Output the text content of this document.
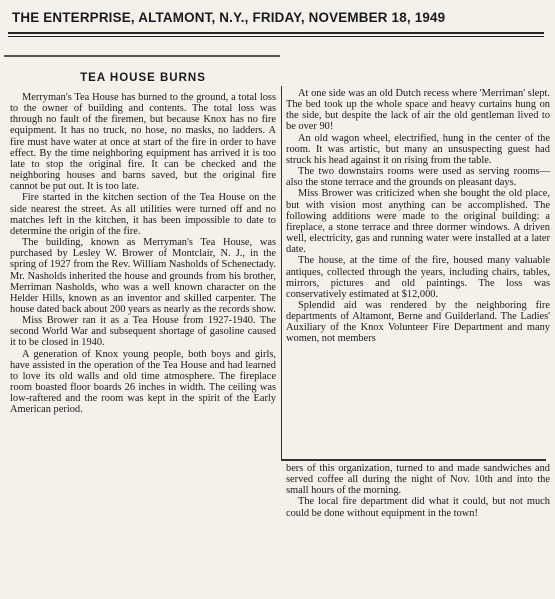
THE ENTERPRISE, ALTAMONT, N.Y., FRIDAY, NOVEMBER 18, 1949
TEA HOUSE BURNS

Merryman's Tea House has burned to the ground, a total loss to the owner of building and contents. The total loss was through no fault of the firemen, but because Knox has no fire equipment. It has no truck, no hose, no masks, no ladders. A fire must have water at once at start of the fire in order to have effect. By the time neighboring equipment has arrived it is too late to stop the original fire. It can be checked and the neighboring houses and barns saved, but the original fire cannot be put out. It is too late.

Fire started in the kitchen section of the Tea House on the side nearest the street. As all utilities were turned off and no matches left in the kitchen, it has been impossible to date to determine the origin of the fire.

The building, known as Merryman's Tea House, was purchased by Lesley W. Brower of Montclair, N. J., in the spring of 1927 from the Rev. William Nasholds of Schenectady. Mr. Nasholds inherited the house and grounds from his brother, Merriman Nasholds, who was a well known character on the Helder Hills, known as an inventor and skilled carpenter. The house dated back about 200 years as nearly as the records show.

Miss Brower ran it as a Tea House from 1927-1940. The second World War and subsequent shortage of gasoline caused it to be closed in 1940.

A generation of Knox young people, both boys and girls, have assisted in the operation of the Tea House and had learned to love its old walls and old time atmosphere. The fireplace room boasted floor boards 26 inches in width. The ceiling was low-raftered and the room was kept in the spirit of the Early American period.

At one side was an old Dutch recess where 'Merriman' slept. The bed took up the whole space and heavy curtains hung on the side, but despite the lack of air the old gentleman lived to be over 90!

An old wagon wheel, electrified, hung in the center of the room. It was artistic, but many an unsuspecting guest had struck his head against it on rising from the table.

The two downstairs rooms were used as serving rooms—also the stone terrace and the grounds on pleasant days.

Miss Brower was criticized when she bought the old place, but with vision most anything can be accomplished. The following additions were made to the original building: a fireplace, a stone terrace and three dormer windows. A driven well, electricity, gas and running water were installed at a later date.

The house, at the time of the fire, housed many valuable antiques, collected through the years, including chairs, tables, mirrors, pictures and old paintings. The loss was conservatively estimated at $12,000.

Splendid aid was rendered by the neighboring fire departments of Altamont, Berne and Guilderland. The Ladies' Auxiliary of the Knox Volunteer Fire Department and many women, not members

bers of this organization, turned to and made sandwiches and served coffee all during the night of Nov. 10th and into the small hours of the morning.

The local fire department did what it could, but not much could be done without equipment in the town!
